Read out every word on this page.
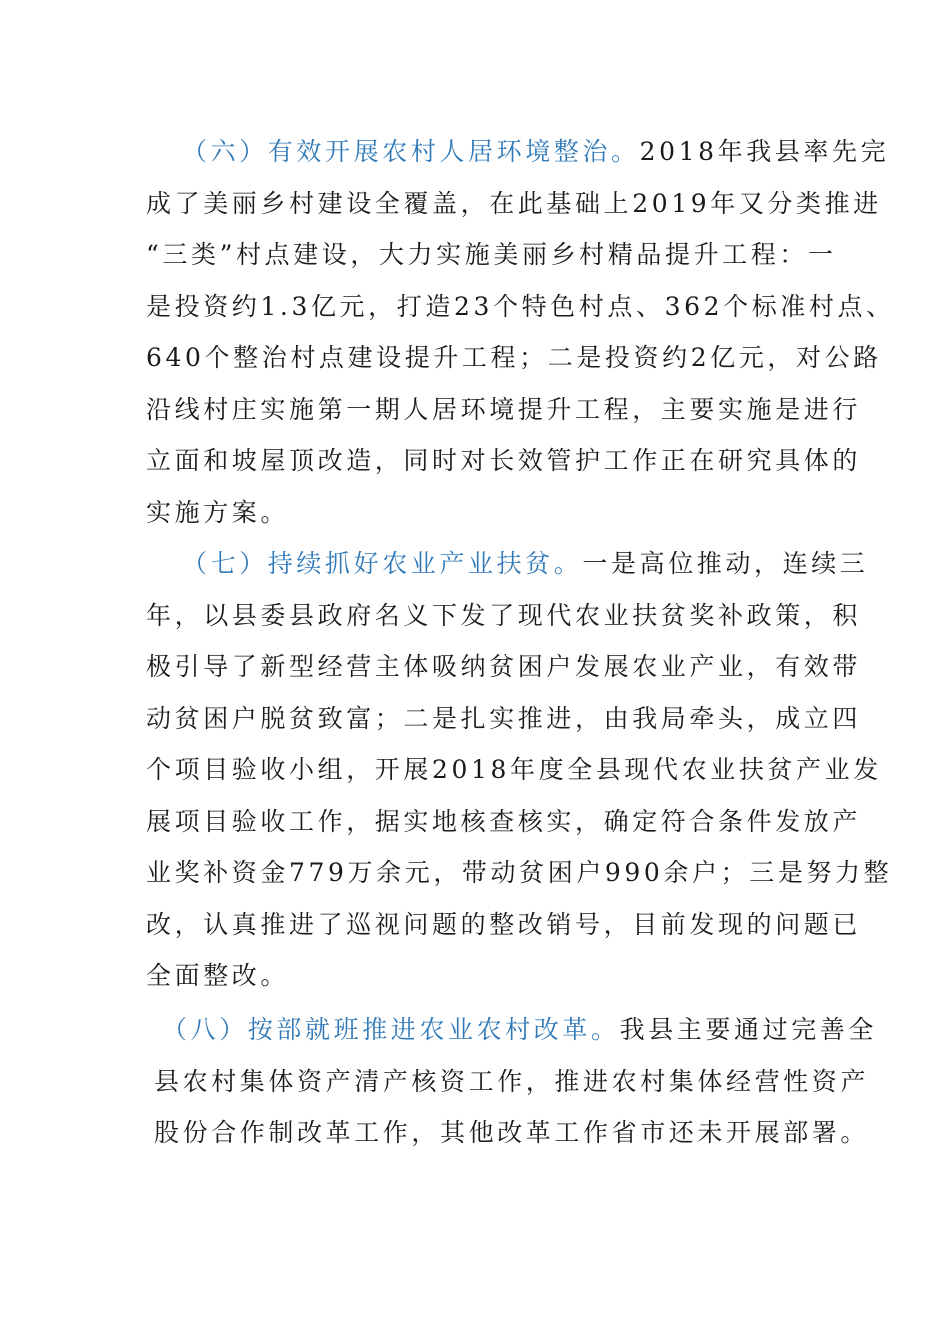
（六）有效开展农村人居环境整治。2018年我县率先完
成了美丽乡村建设全覆盖，在此基础上2019年又分类推进
“三类”村点建设，大力实施美丽乡村精品提升工程：一
是投资约1.3亿元，打造23个特色村点、362个标准村点、
640个整治村点建设提升工程；二是投资约2亿元，对公路
沿线村庄实施第一期人居环境提升工程，主要实施是进行
立面和坡屋顶改造，同时对长效管护工作正在研究具体的
实施方案。
（七）持续抓好农业产业扶贫。一是高位推动，连续三
年，以县委县政府名义下发了现代农业扶贫奖补政策，积
极引导了新型经营主体吸纳贫困户发展农业产业，有效带
动贫困户脱贫致富；二是扎实推进，由我局牵头，成立四
个项目验收小组，开展2018年度全县现代农业扶贫产业发
展项目验收工作，据实地核查核实，确定符合条件发放产
业奖补资金779万余元，带动贫困户990余户；三是努力整
改，认真推进了巡视问题的整改销号，目前发现的问题已
全面整改。
（八）按部就班推进农业农村改革。我县主要通过完善全
县农村集体资产清产核资工作，推进农村集体经营性资产
股份合作制改革工作，其他改革工作省市还未开展部署。
